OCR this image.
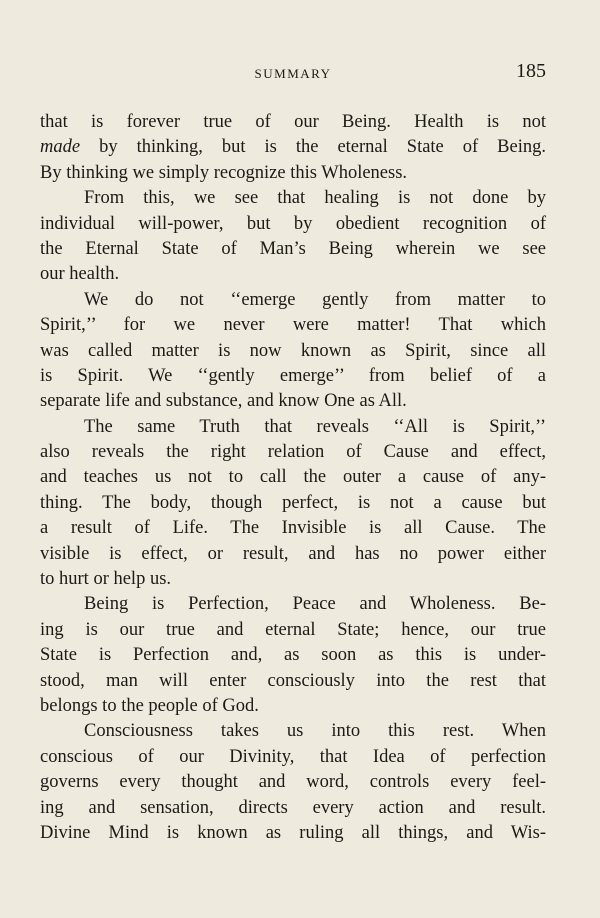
SUMMARY	185
that is forever true of our Being. Health is not
made by thinking, but is the eternal State of Being.
By thinking we simply recognize this Wholeness.
From this, we see that healing is not done by
individual will-power, but by obedient recognition of
the Eternal State of Man’s Being wherein we see
our health.
We do not ‘‘emerge gently from matter to
Spirit,’’ for we never were matter! That which
was called matter is now known as Spirit, since all
is Spirit. We ‘‘gently emerge’’ from belief of a
separate life and substance, and know One as All.
The same Truth that reveals ‘‘All is Spirit,’’
also reveals the right relation of Cause and effect,
and teaches us not to call the outer a cause of any-
thing. The body, though perfect, is not a cause but
a result of Life. The Invisible is all Cause. The
visible is effect, or result, and has no power either
to hurt or help us.
Being is Perfection, Peace and Wholeness. Be-
ing is our true and eternal State; hence, our true
State is Perfection and, as soon as this is under-
stood, man will enter consciously into the rest that
belongs to the people of God.
Consciousness takes us into this rest. When
conscious of our Divinity, that Idea of perfection
governs every thought and word, controls every feel-
ing and sensation, directs every action and result.
Divine Mind is known as ruling all things, and Wis-
